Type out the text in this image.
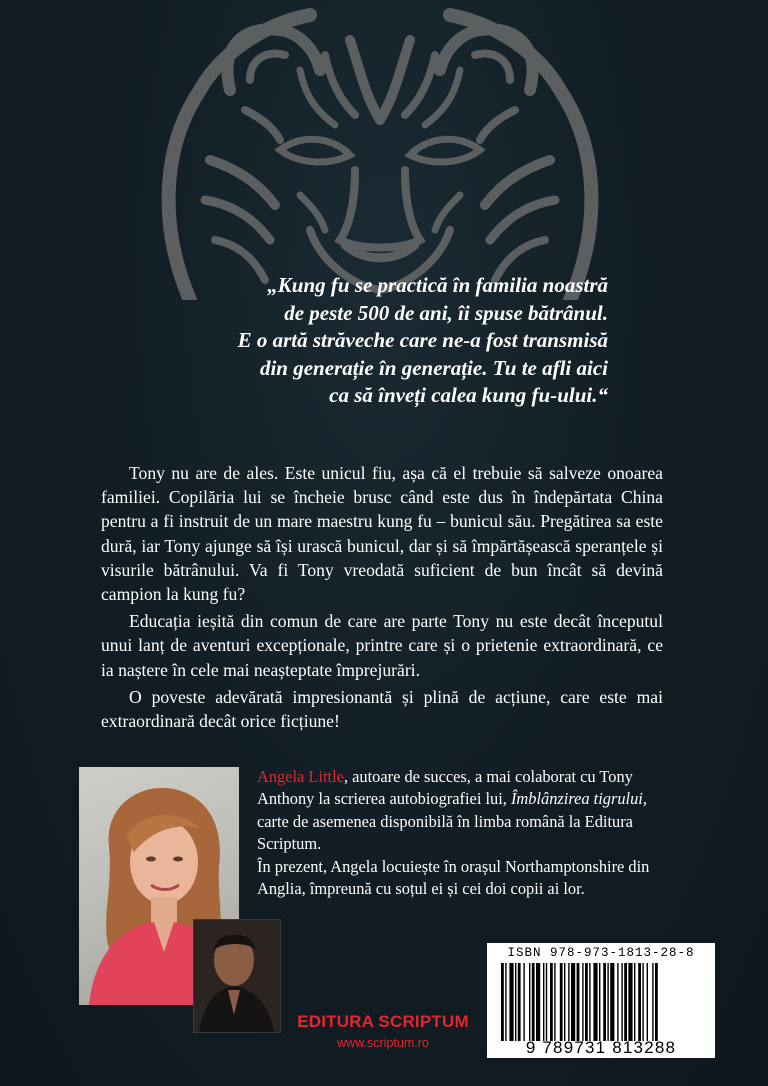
„Kung fu se practică în familia noastră
de peste 500 de ani, îi spuse bătrânul.
E o artă străveche care ne-a fost transmisă
din generație în generație. Tu te afli aici
ca să înveți calea kung fu-ului.“

Tony nu are de ales. Este unicul fiu, așa că el trebuie să salveze onoarea familiei. Copilăria lui se încheie brusc când este dus în îndepărtata China pentru a fi instruit de un mare maestru kung fu – bunicul său. Pregătirea sa este dură, iar Tony ajunge să își urască bunicul, dar și să împărtășească speranțele și visurile bătrânului. Va fi Tony vreodată suficient de bun încât să devină campion la kung fu?

Educația ieșită din comun de care are parte Tony nu este decât începutul unui lanț de aventuri excepționale, printre care și o prietenie extraordinară, ce ia naștere în cele mai neașteptate împrejurări.

O poveste adevărată impresionantă și plină de acțiune, care este mai extraordinară decât orice ficțiune!

Angela Little, autoare de succes, a mai colaborat cu Tony Anthony la scrierea autobiografiei lui, Îmblânzirea tigrului, carte de asemenea disponibilă în limba română la Editura Scriptum.

În prezent, Angela locuiește în orașul Northamptonshire din Anglia, împreună cu soțul ei și cei doi copii ai lor.

EDITURA SCRIPTUM
www.scriptum.ro
ISBN 978-973-1813-28-8
9 789731 813288
